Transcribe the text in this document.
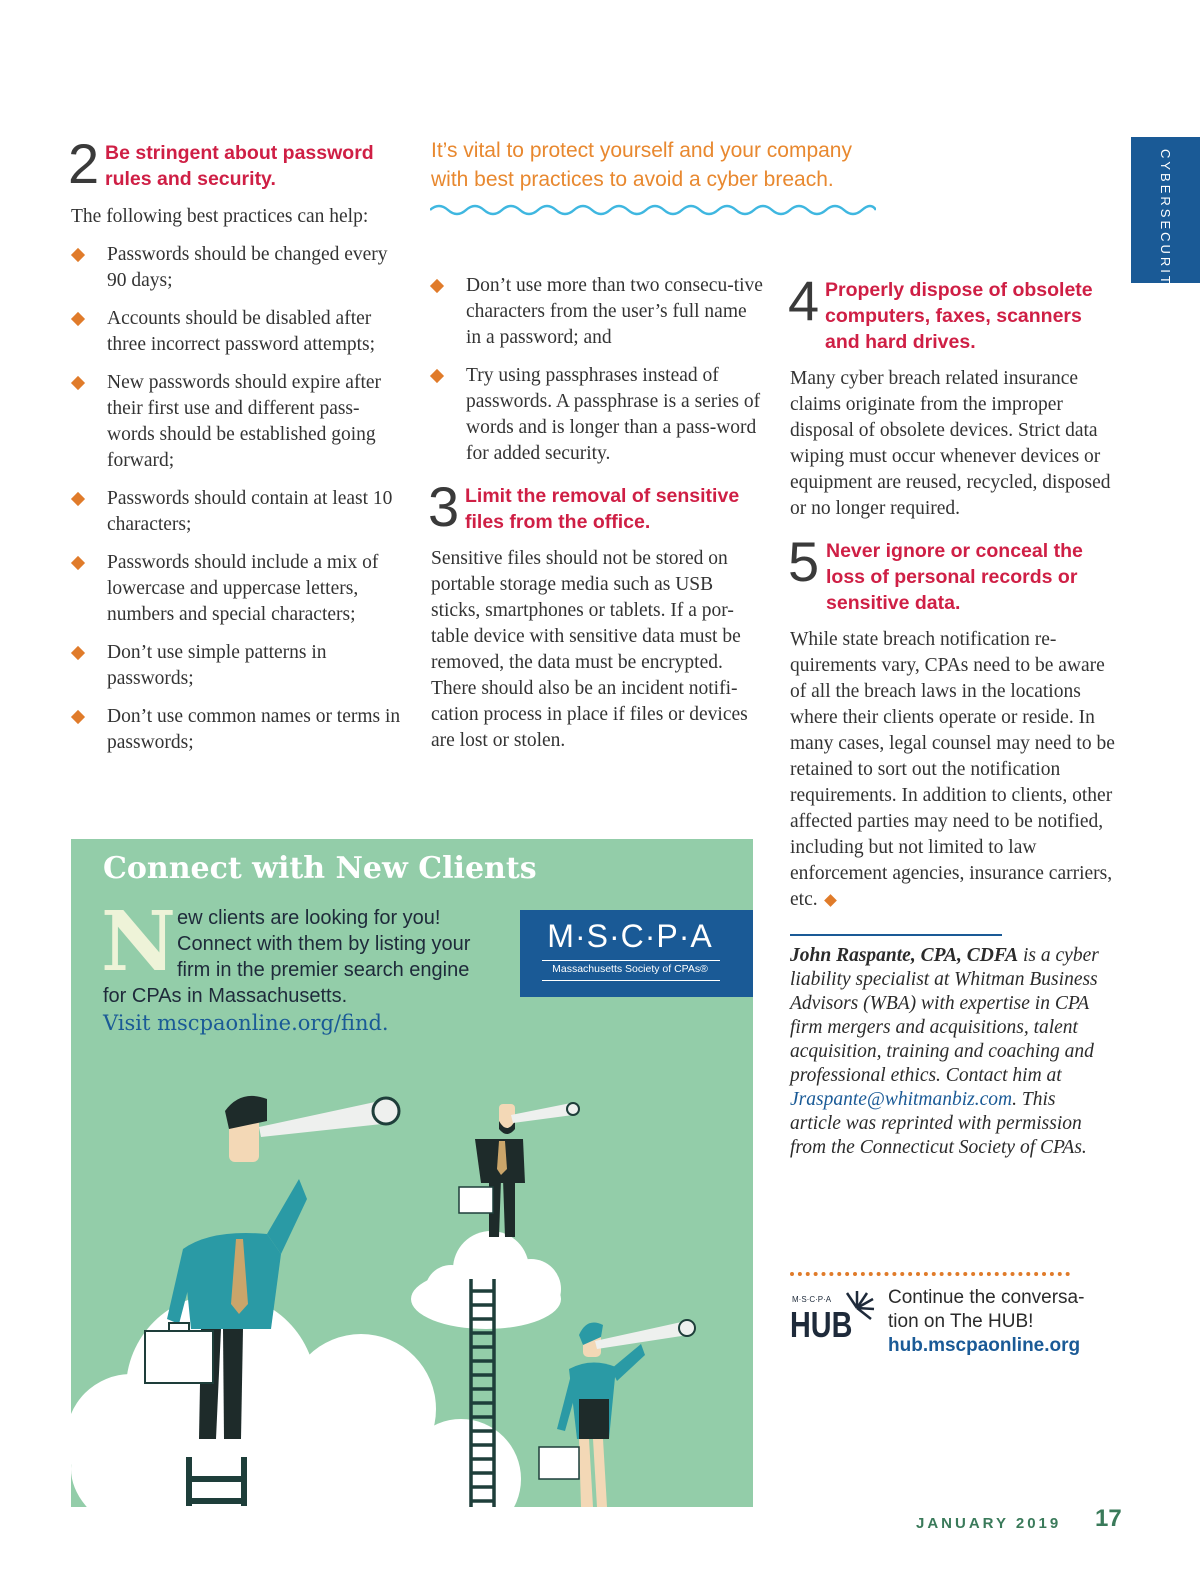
CYBERSECURITY
2 Be stringent about password
rules and security.
The following best practices can help:
Passwords should be changed every 90 days;
Accounts should be disabled after three incorrect password attempts;
New passwords should expire after their first use and different pass-words should be established going forward;
Passwords should contain at least 10 characters;
Passwords should include a mix of lowercase and uppercase letters, numbers and special characters;
Don’t use simple patterns in passwords;
Don’t use common names or terms in passwords;
It’s vital to protect yourself and your company
with best practices to avoid a cyber breach.
Don’t use more than two consecu-tive characters from the user’s full name in a password; and
Try using passphrases instead of passwords. A passphrase is a series of words and is longer than a pass-word for added security.
3 Limit the removal of sensitive
files from the office.
Sensitive files should not be stored on portable storage media such as USB sticks, smartphones or tablets. If a por-table device with sensitive data must be removed, the data must be encrypted. There should also be an incident notifi-cation process in place if files or devices are lost or stolen.
4 Properly dispose of obsolete
computers, faxes, scanners
and hard drives.
Many cyber breach related insurance claims originate from the improper disposal of obsolete devices. Strict data wiping must occur whenever devices or equipment are reused, recycled, disposed or no longer required.
5 Never ignore or conceal the
loss of personal records or
sensitive data.
While state breach notification re-quirements vary, CPAs need to be aware of all the breach laws in the locations where their clients operate or reside. In many cases, legal counsel may need to be retained to sort out the notification requirements. In addition to clients, other affected parties may need to be notified, including but not limited to law enforcement agencies, insurance carriers, etc.
John Raspante, CPA, CDFA is a cyber liability specialist at Whitman Business Advisors (WBA) with expertise in CPA firm mergers and acquisitions, talent acquisition, training and coaching and professional ethics. Contact him at Jraspante@whitmanbiz.com. This article was reprinted with permission from the Connecticut Society of CPAs.
M·S·C·P·A
HUB
Continue the conversa-
tion on The HUB!
hub.mscpaonline.org
Connect with New Clients
N ew clients are looking for you! Connect with them by listing your firm in the premier search engine for CPAs in Massachusetts.
Visit mscpaonline.org/find.
M·S·C·P·A
Massachusetts Society of CPAs®
JANUARY 2019 17
